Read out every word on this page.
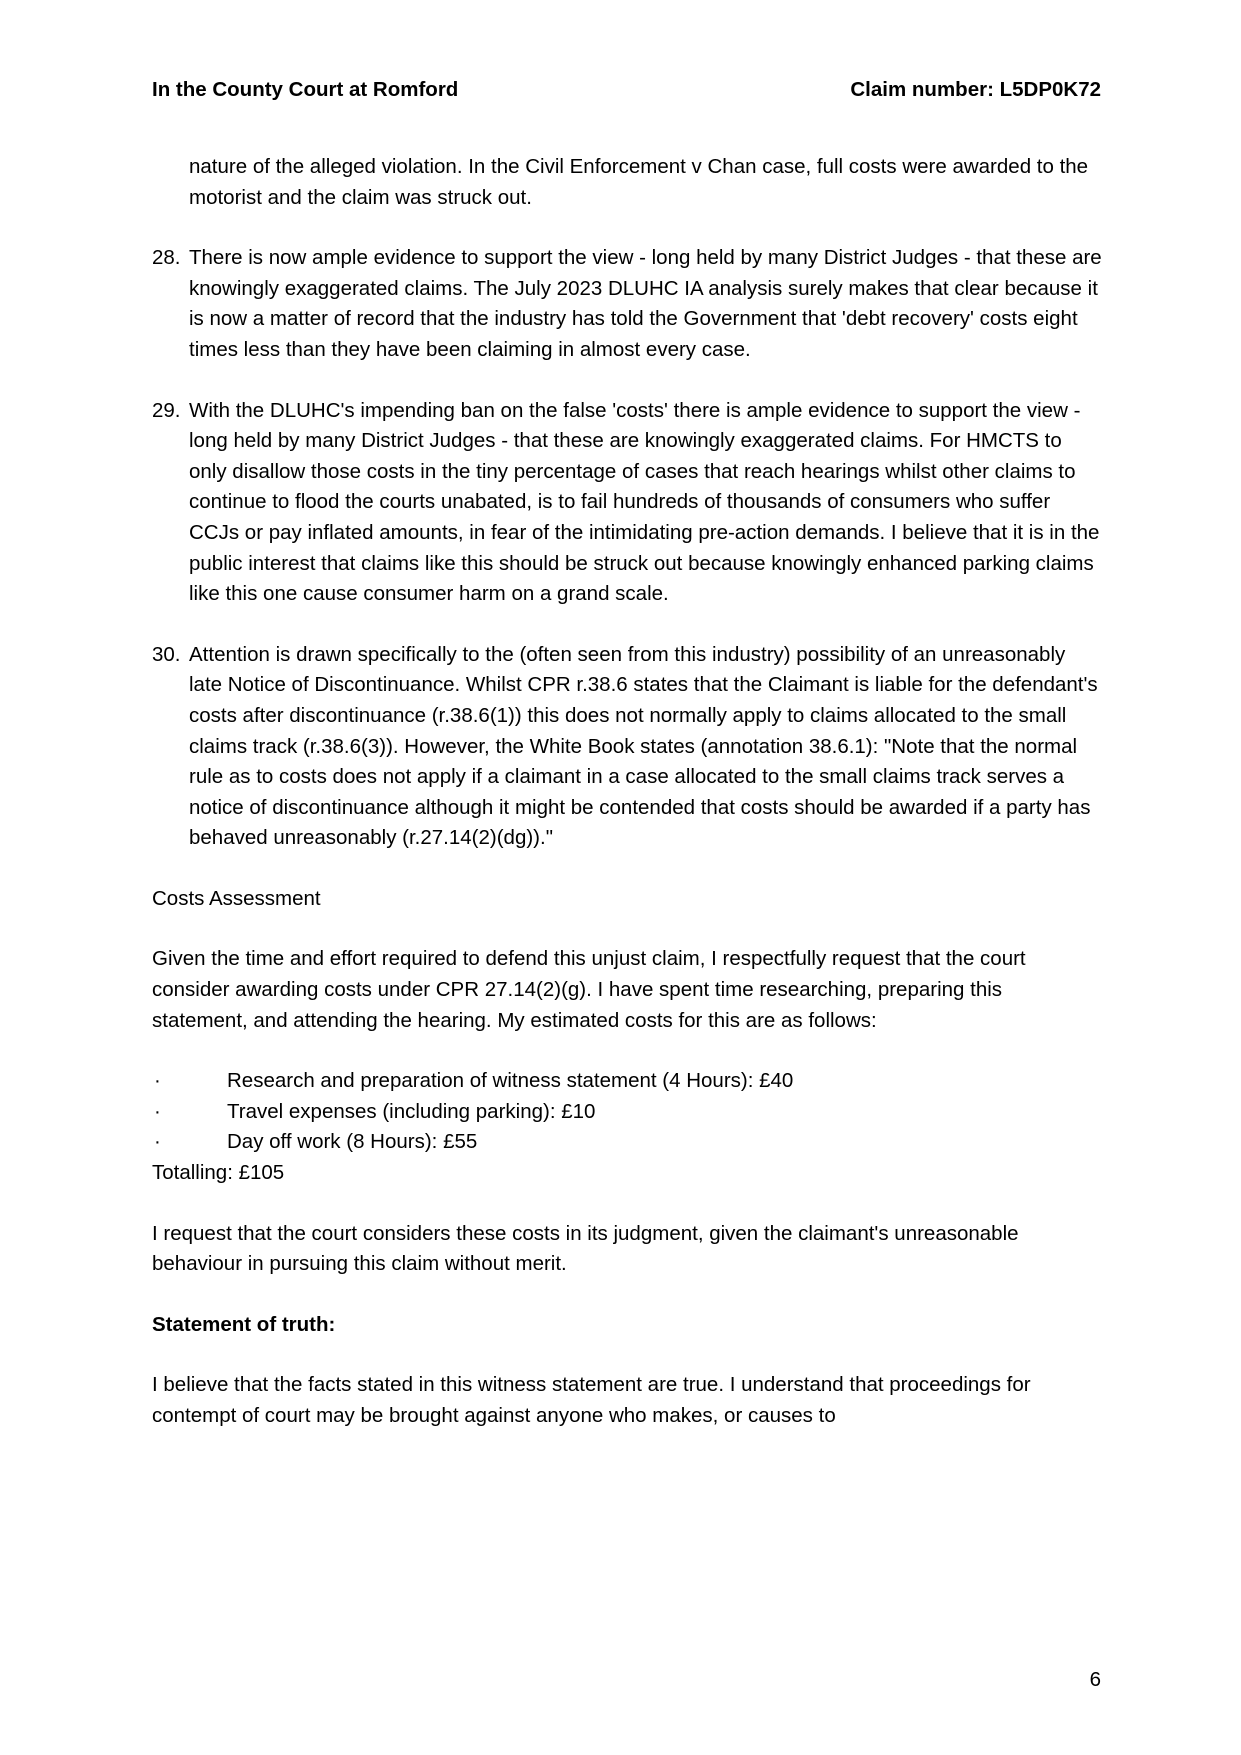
In the County Court at Romford	Claim number: L5DP0K72

nature of the alleged violation. In the Civil Enforcement v Chan case, full costs were awarded to the motorist and the claim was struck out.

28. There is now ample evidence to support the view - long held by many District Judges - that these are knowingly exaggerated claims. The July 2023 DLUHC IA analysis surely makes that clear because it is now a matter of record that the industry has told the Government that 'debt recovery' costs eight times less than they have been claiming in almost every case.
29. With the DLUHC's impending ban on the false 'costs' there is ample evidence to support the view - long held by many District Judges - that these are knowingly exaggerated claims. For HMCTS to only disallow those costs in the tiny percentage of cases that reach hearings whilst other claims to continue to flood the courts unabated, is to fail hundreds of thousands of consumers who suffer CCJs or pay inflated amounts, in fear of the intimidating pre-action demands. I believe that it is in the public interest that claims like this should be struck out because knowingly enhanced parking claims like this one cause consumer harm on a grand scale.
30. Attention is drawn specifically to the (often seen from this industry) possibility of an unreasonably late Notice of Discontinuance. Whilst CPR r.38.6 states that the Claimant is liable for the defendant's costs after discontinuance (r.38.6(1)) this does not normally apply to claims allocated to the small claims track (r.38.6(3)). However, the White Book states (annotation 38.6.1): "Note that the normal rule as to costs does not apply if a claimant in a case allocated to the small claims track serves a notice of discontinuance although it might be contended that costs should be awarded if a party has behaved unreasonably (r.27.14(2)(dg))."

Costs Assessment

Given the time and effort required to defend this unjust claim, I respectfully request that the court consider awarding costs under CPR 27.14(2)(g). I have spent time researching, preparing this statement, and attending the hearing. My estimated costs for this are as follows:

·	Research and preparation of witness statement (4 Hours): £40
·	Travel expenses (including parking): £10
·	Day off work (8 Hours): £55

Totalling: £105

I request that the court considers these costs in its judgment, given the claimant's unreasonable behaviour in pursuing this claim without merit.

Statement of truth:

I believe that the facts stated in this witness statement are true. I understand that proceedings for contempt of court may be brought against anyone who makes, or causes to

6
